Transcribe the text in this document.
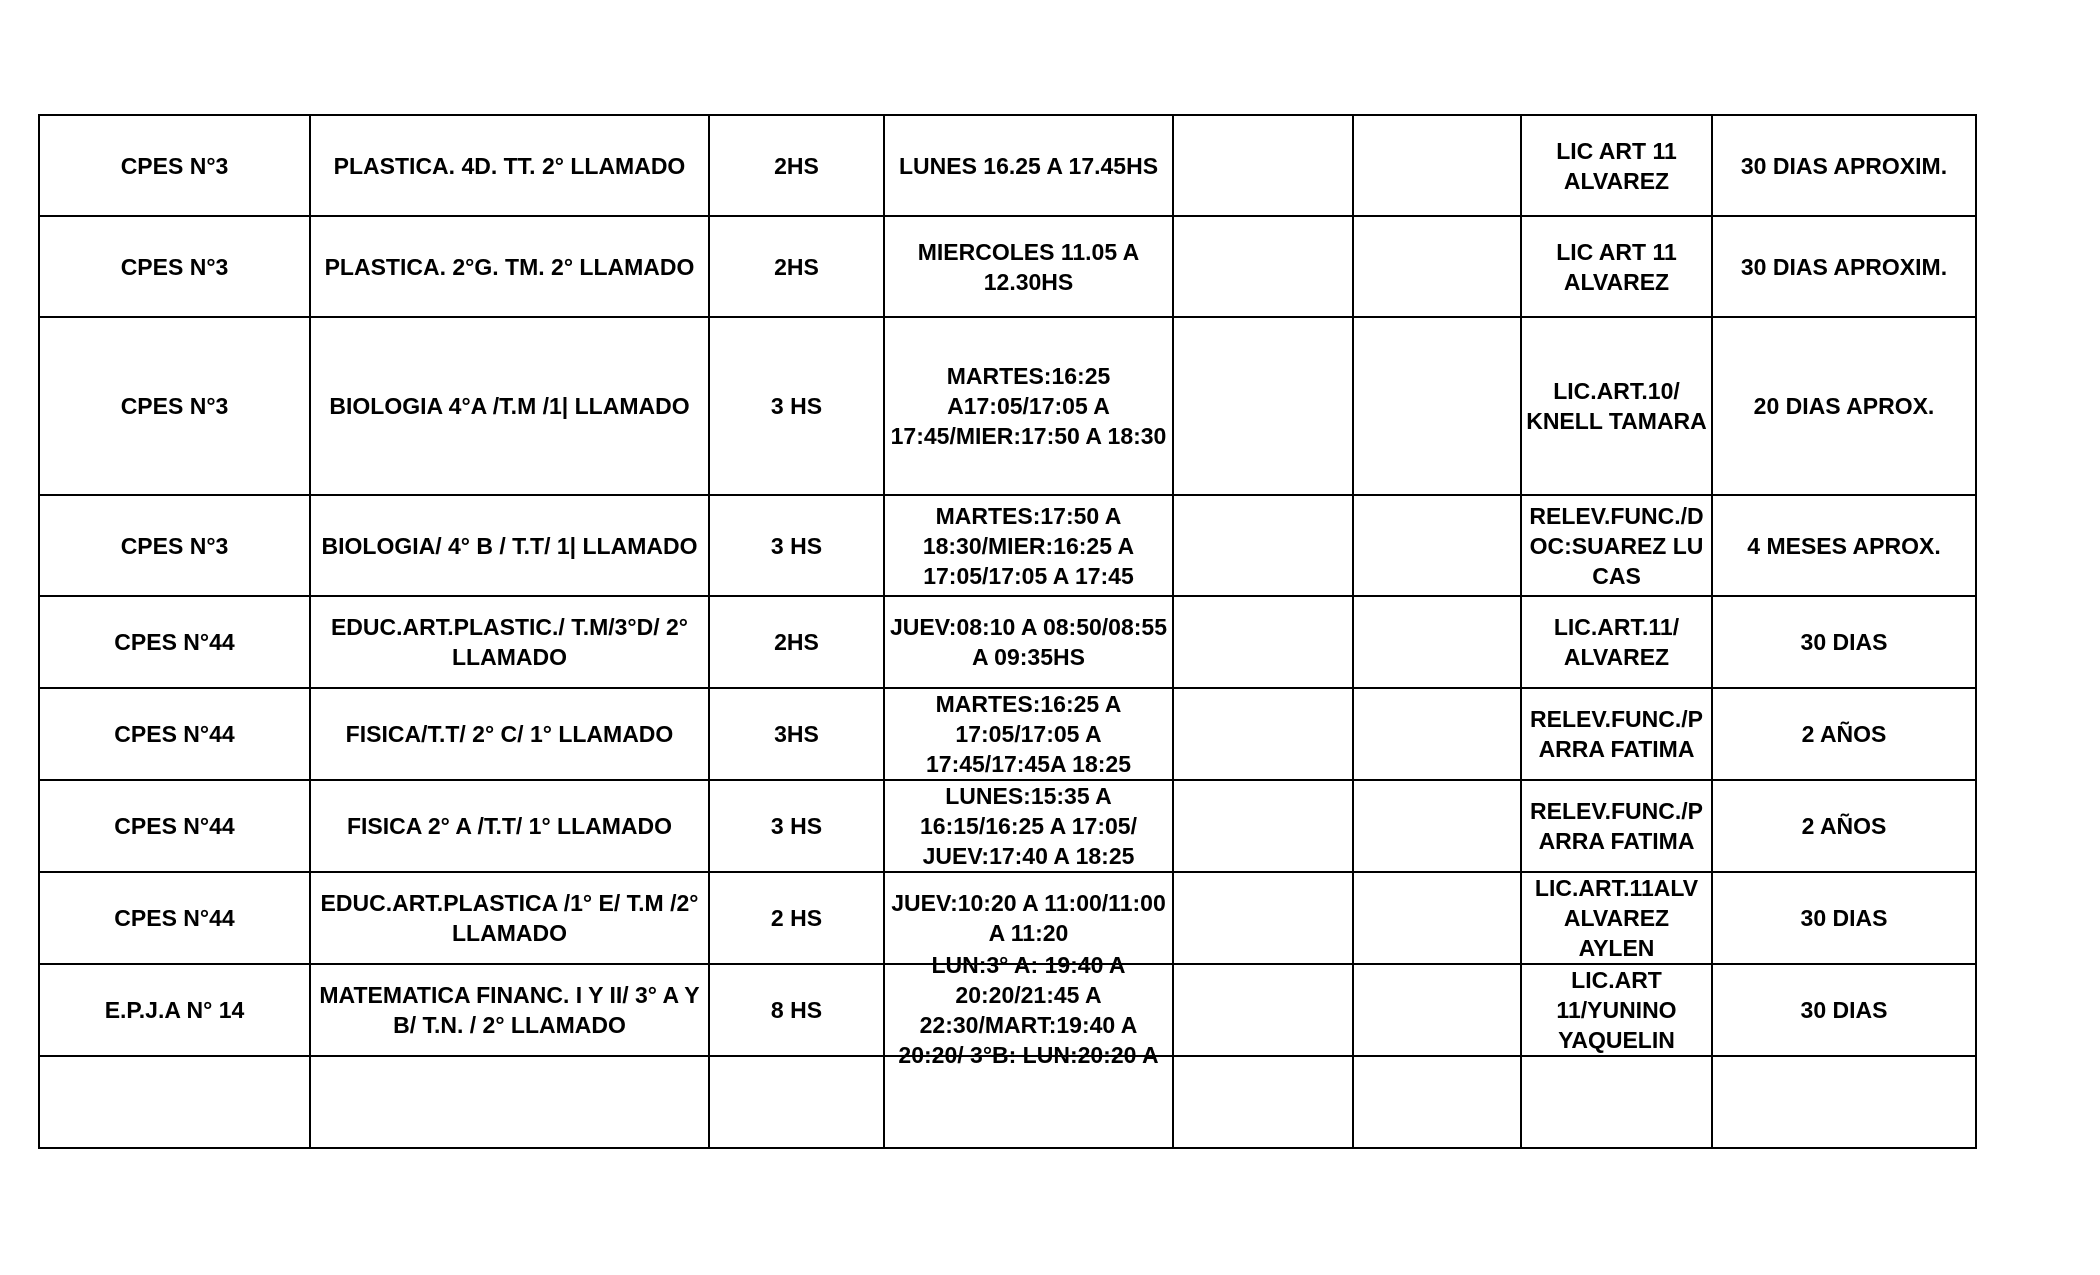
CPES N°3	PLASTICA. 4D. TT. 2° LLAMADO	2HS	LUNES 16.25 A 17.45HS			LIC ART 11 ALVAREZ	30 DIAS APROXIM.
CPES N°3	PLASTICA. 2°G. TM. 2° LLAMADO	2HS	MIERCOLES 11.05 A 12.30HS			LIC ART 11 ALVAREZ	30 DIAS APROXIM.
CPES N°3	BIOLOGIA 4°A /T.M /1| LLAMADO	3 HS	MARTES:16:25 A17:05/17:05 A 17:45/MIER:17:50 A 18:30			LIC.ART.10/ KNELL TAMARA	20 DIAS APROX.
CPES N°3	BIOLOGIA/ 4° B / T.T/ 1| LLAMADO	3 HS	MARTES:17:50 A 18:30/MIER:16:25 A 17:05/17:05 A 17:45			RELEV.FUNC./DOC:SUAREZ LUCAS	4 MESES APROX.
CPES N°44	EDUC.ART.PLASTIC./ T.M/3°D/ 2° LLAMADO	2HS	JUEV:08:10 A 08:50/08:55 A 09:35HS			LIC.ART.11/ ALVAREZ	30 DIAS
CPES N°44	FISICA/T.T/ 2° C/ 1° LLAMADO	3HS	MARTES:16:25 A 17:05/17:05 A 17:45/17:45A 18:25			RELEV.FUNC./PARRA FATIMA	2 AÑOS
CPES N°44	FISICA 2° A /T.T/ 1° LLAMADO	3 HS	LUNES:15:35 A 16:15/16:25 A 17:05/ JUEV:17:40 A 18:25			RELEV.FUNC./PARRA FATIMA	2 AÑOS
CPES N°44	EDUC.ART.PLASTICA /1° E/ T.M /2° LLAMADO	2 HS	JUEV:10:20 A 11:00/11:00 A 11:20			LIC.ART.11ALV ALVAREZ AYLEN	30 DIAS
E.P.J.A N° 14	MATEMATICA FINANC. I Y II/ 3° A Y B/ T.N. / 2° LLAMADO	8 HS	LUN:3° A: 19:40 A 20:20/21:45 A 22:30/MART:19:40 A 20:20/ 3°B: LUN:20:20 A			LIC.ART 11/YUNINO YAQUELIN	30 DIAS
